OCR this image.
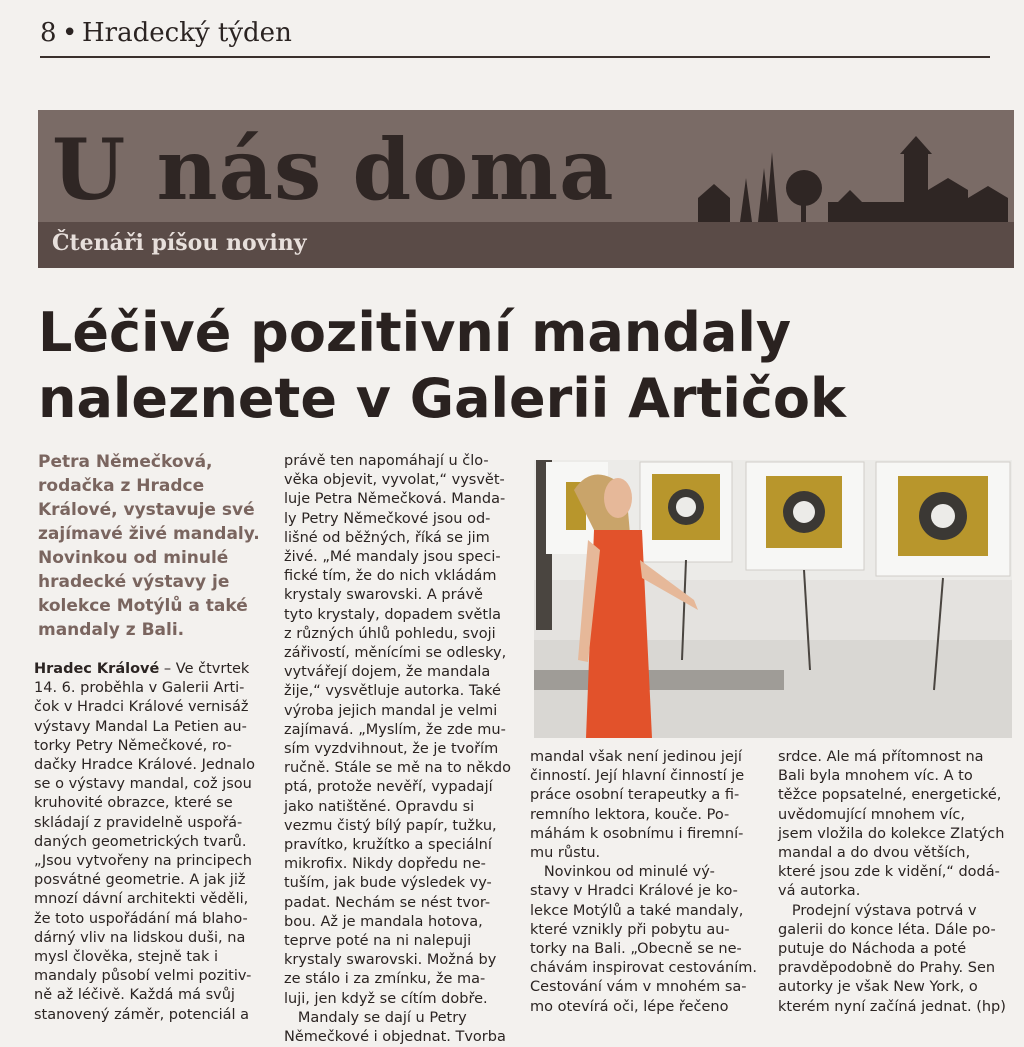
8 • Hradecký týden
U nás doma
Čtenáři píšou noviny
Léčivé pozitivní mandaly
naleznete v Galerii Artičok
Petra Němečková,
rodačka z Hradce
Králové, vystavuje své
zajímavé živé mandaly.
Novinkou od minulé
hradecké výstavy je
kolekce Motýlů a také
mandaly z Bali.
Hradec Králové – Ve čtvrtek
14. 6. proběhla v Galerii Arti-
čok v Hradci Králové vernisáž
výstavy Mandal La Petien au-
torky Petry Němečkové, ro-
dačky Hradce Králové. Jednalo
se o výstavy mandal, což jsou
kruhovité obrazce, které se
skládají z pravidelně uspořá-
daných geometrických tvarů.
„Jsou vytvořeny na principech
posvátné geometrie. A jak již
mnozí dávní architekti věděli,
že toto uspořádání má blaho-
dárný vliv na lidskou duši, na
mysl člověka, stejně tak i
mandaly působí velmi pozitiv-
ně až léčivě. Každá má svůj
stanovený záměr, potenciál a
právě ten napomáhají u člo-
věka objevit, vyvolat,“ vysvět-
luje Petra Němečková. Manda-
ly Petry Němečkové jsou od-
lišné od běžných, říká se jim
živé. „Mé mandaly jsou speci-
fické tím, že do nich vkládám
krystaly swarovski. A právě
tyto krystaly, dopadem světla
z různých úhlů pohledu, svoji
zářivostí, měnícími se odlesky,
vytvářejí dojem, že mandala
žije,“ vysvětluje autorka. Také
výroba jejich mandal je velmi
zajímavá. „Myslím, že zde mu-
sím vyzdvihnout, že je tvořím
ručně. Stále se mě na to někdo
ptá, protože nevěří, vypadají
jako natištěné. Opravdu si
vezmu čistý bílý papír, tužku,
pravítko, kružítko a speciální
mikrofix. Nikdy dopředu ne-
tuším, jak bude výsledek vy-
padat. Nechám se nést tvor-
bou. Až je mandala hotova,
teprve poté na ni nalepuji
krystaly swarovski. Možná by
ze stálo i za zmínku, že ma-
luji, jen když se cítím dobře.
Mandaly se dají u Petry
Němečkové i objednat. Tvorba
mandal však není jedinou její
činností. Její hlavní činností je
práce osobní terapeutky a fi-
remního lektora, kouče. Po-
máhám k osobnímu i firemní-
mu růstu.
Novinkou od minulé vý-
stavy v Hradci Králové je ko-
lekce Motýlů a také mandaly,
které vznikly při pobytu au-
torky na Bali. „Obecně se ne-
chávám inspirovat cestováním.
Cestování vám v mnohém sa-
mo otevírá oči, lépe řečeno
srdce. Ale má přítomnost na
Bali byla mnohem víc. A to
těžce popsatelné, energetické,
uvědomující mnohem víc,
jsem vložila do kolekce Zlatých
mandal a do dvou větších,
které jsou zde k vidění,“ dodá-
vá autorka.
Prodejní výstava potrvá v
galerii do konce léta. Dále po-
putuje do Náchoda a poté
pravděpodobně do Prahy. Sen
autorky je však New York, o
kterém nyní začíná jednat. (hp)
